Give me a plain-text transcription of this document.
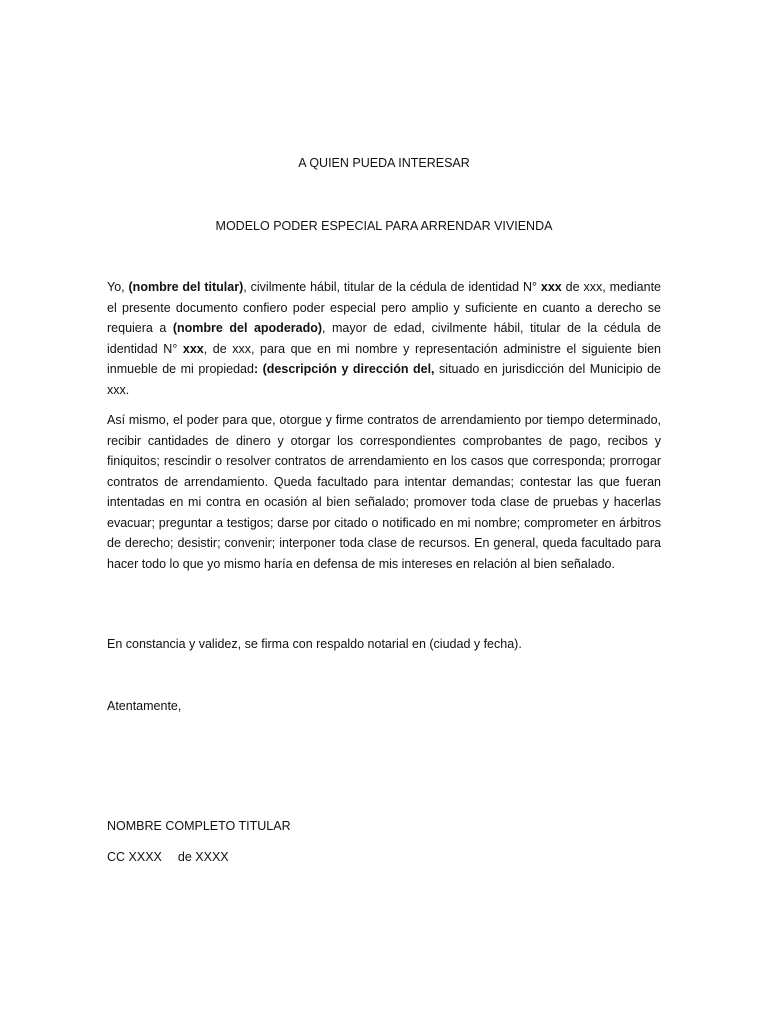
A QUIEN PUEDA INTERESAR

MODELO PODER ESPECIAL PARA ARRENDAR VIVIENDA

Yo, (nombre del titular), civilmente hábil, titular de la cédula de identidad N° xxx de xxx, mediante el presente documento confiero poder especial pero amplio y suficiente en cuanto a derecho se requiera a (nombre del apoderado), mayor de edad, civilmente hábil, titular de la cédula de identidad N° xxx, de xxx, para que en mi nombre y representación administre el siguiente bien inmueble de mi propiedad: (descripción y dirección del, situado en jurisdicción del Municipio de xxx.

Así mismo, el poder para que, otorgue y firme contratos de arrendamiento por tiempo determinado, recibir cantidades de dinero y otorgar los correspondientes comprobantes de pago, recibos y finiquitos; rescindir o resolver contratos de arrendamiento en los casos que corresponda; prorrogar contratos de arrendamiento. Queda facultado para intentar demandas; contestar las que fueran intentadas en mi contra en ocasión al bien señalado; promover toda clase de pruebas y hacerlas evacuar; preguntar a testigos; darse por citado o notificado en mi nombre; comprometer en árbitros de derecho; desistir; convenir; interponer toda clase de recursos. En general, queda facultado para hacer todo lo que yo mismo haría en defensa de mis intereses en relación al bien señalado.

En constancia y validez, se firma con respaldo notarial en (ciudad y fecha).

Atentamente,

NOMBRE COMPLETO TITULAR

CC XXXX de XXXX
